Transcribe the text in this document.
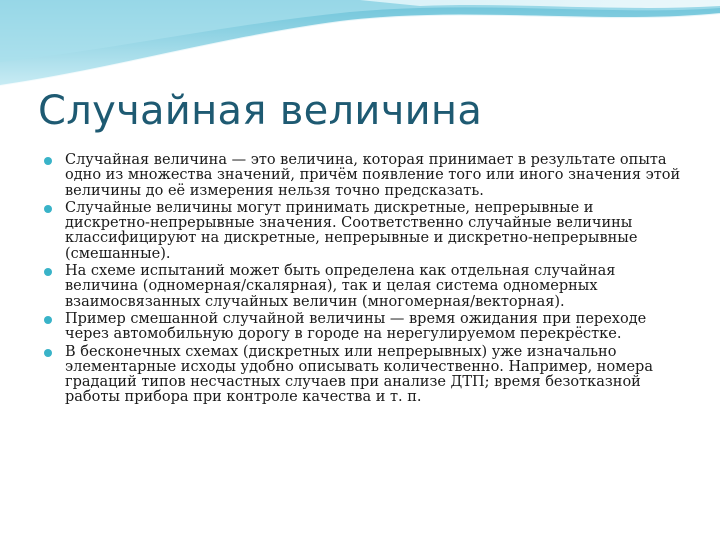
Случайная величина
Случайная величина — это величина, которая принимает в результате опыта одно из множества значений, причём появление того или иного значения этой величины до её измерения нельзя точно предсказать.
Случайные величины могут принимать дискретные, непрерывные и дискретно-непрерывные значения. Соответственно случайные величины классифицируют на дискретные, непрерывные и дискретно-непрерывные (смешанные).
На схеме испытаний может быть определена как отдельная случайная величина (одномерная/скалярная), так и целая система одномерных взаимосвязанных случайных величин (многомерная/векторная).
Пример смешанной случайной величины — время ожидания при переходе через автомобильную дорогу в городе на нерегулируемом перекрёстке.
В бесконечных схемах (дискретных или непрерывных) уже изначально элементарные исходы удобно описывать количественно. Например, номера градаций типов несчастных случаев при анализе ДТП; время безотказной работы прибора при контроле качества и т. п.
